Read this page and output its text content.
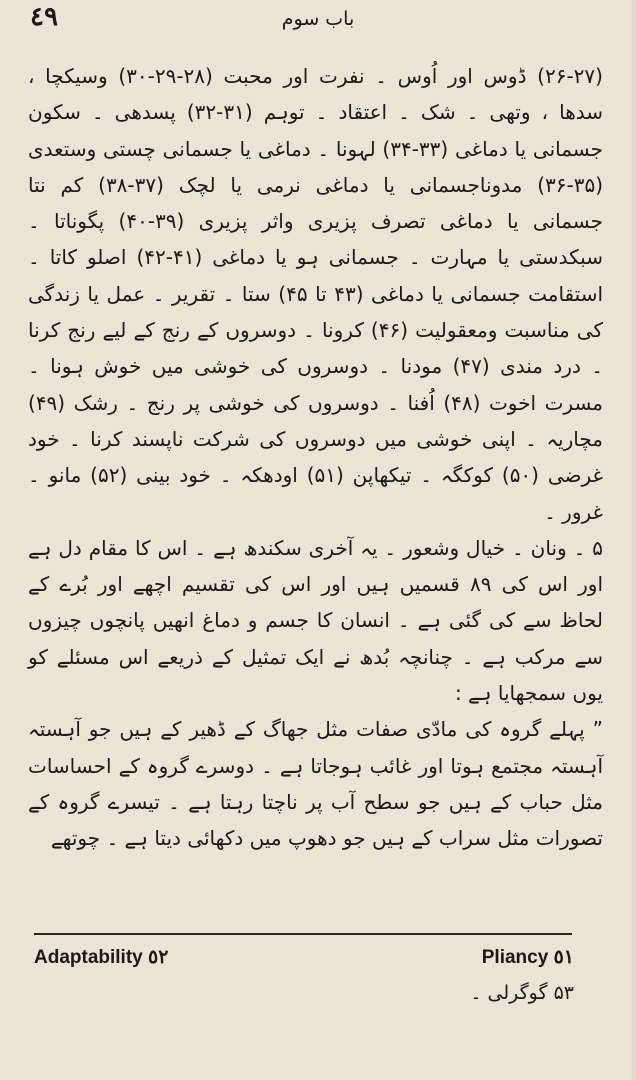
٤٩	باب سوم

(۲۶-۲۷) ڈوس اور اُوس ۔ نفرت اور محبت (۲۸-۲۹-۳۰) وسیکچا ، سدھا ، وتھی ۔ شک ۔ اعتقاد ۔ توہم (۳۱-۳۲) پسدھی ۔ سکون جسمانی یا دماغی (۳۳-۳۴) لہونا ۔ دماغی یا جسمانی چستی وستعدی (۳۵-۳۶) مدوناجسمانی یا دماغی نرمی یا لچک (۳۷-۳۸) کم نتا جسمانی یا دماغی تصرف پزیری واثر پزیری (۳۹-۴۰) پگوناتا ۔ سبکدستی یا مہارت ۔ جسمانی ہو یا دماغی (۴۱-۴۲) اصلو کاتا ۔ استقامت جسمانی یا دماغی (۴۳ تا ۴۵) ستا ۔ تقریر ۔ عمل یا زندگی کی مناسبت ومعقولیت (۴۶) کرونا ۔ دوسروں کے رنج کے لیے رنج کرنا ۔ درد مندی (۴۷) مودنا ۔ دوسروں کی خوشی میں خوش ہونا ۔ مسرت اخوت (۴۸) اُفنا ۔ دوسروں کی خوشی پر رنج ۔ رشک (۴۹) مچاریہ ۔ اپنی خوشی میں دوسروں کی شرکت ناپسند کرنا ۔ خود غرضی (۵۰) کوکگہ ۔ تیکھاپن (۵۱) اودھکہ ۔ خود بینی (۵۲) مانو ۔ غرور ۔

۵ ۔ ونان ۔ خیال وشعور ۔ یہ آخری سکندھ ہے ۔ اس کا مقام دل ہے اور اس کی ۸۹ قسمیں ہیں اور اس کی تقسیم اچھے اور بُرے کے لحاظ سے کی گئی ہے ۔ انسان کا جسم و دماغ انھیں پانچوں چیزوں سے مرکب ہے ۔ چنانچہ بُدھ نے ایک تمثیل کے ذریعے اس مسئلے کو یوں سمجھایا ہے :

” پہلے گروہ کی مادّی صفات مثل جھاگ کے ڈھیر کے ہیں جو آہستہ آہستہ مجتمع ہوتا اور غائب ہوجاتا ہے ۔ دوسرے گروہ کے احساسات مثل حباب کے ہیں جو سطح آب پر ناچتا رہتا ہے ۔ تیسرے گروہ کے تصورات مثل سراب کے ہیں جو دھوپ میں دکھائی دیتا ہے ۔ چوتھے

Adaptability ٥٢	Pliancy ٥١
۵۳ گوگرلی ۔
